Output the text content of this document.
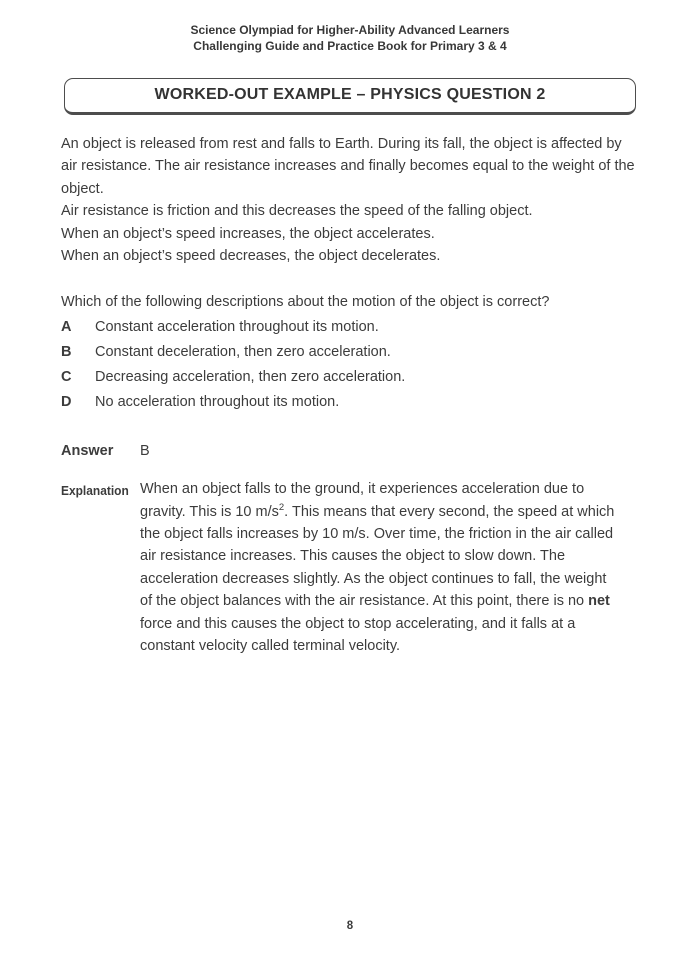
Science Olympiad for Higher-Ability Advanced Learners
Challenging Guide and Practice Book for Primary 3 & 4
WORKED-OUT EXAMPLE – PHYSICS QUESTION 2

An object is released from rest and falls to Earth. During its fall, the object is affected by air resistance. The air resistance increases and finally becomes equal to the weight of the object.

Air resistance is friction and this decreases the speed of the falling object.

When an object’s speed increases, the object accelerates.

When an object’s speed decreases, the object decelerates.

Which of the following descriptions about the motion of the object is correct?

A	Constant acceleration throughout its motion.
B	Constant deceleration, then zero acceleration.
C	Decreasing acceleration, then zero acceleration.
D	No acceleration throughout its motion.
Answer	B
Explanation When an object falls to the ground, it experiences acceleration due to gravity. This is 10 $m/s^2$. This means that every second, the speed at which the object falls increases by 10 m/s. Over time, the friction in the air called air resistance increases. This causes the object to slow down. The acceleration decreases slightly. As the object continues to fall, the weight of the object balances with the air resistance. At this point, there is no net force and this causes the object to stop accelerating, and it falls at a constant velocity called terminal velocity.
8
